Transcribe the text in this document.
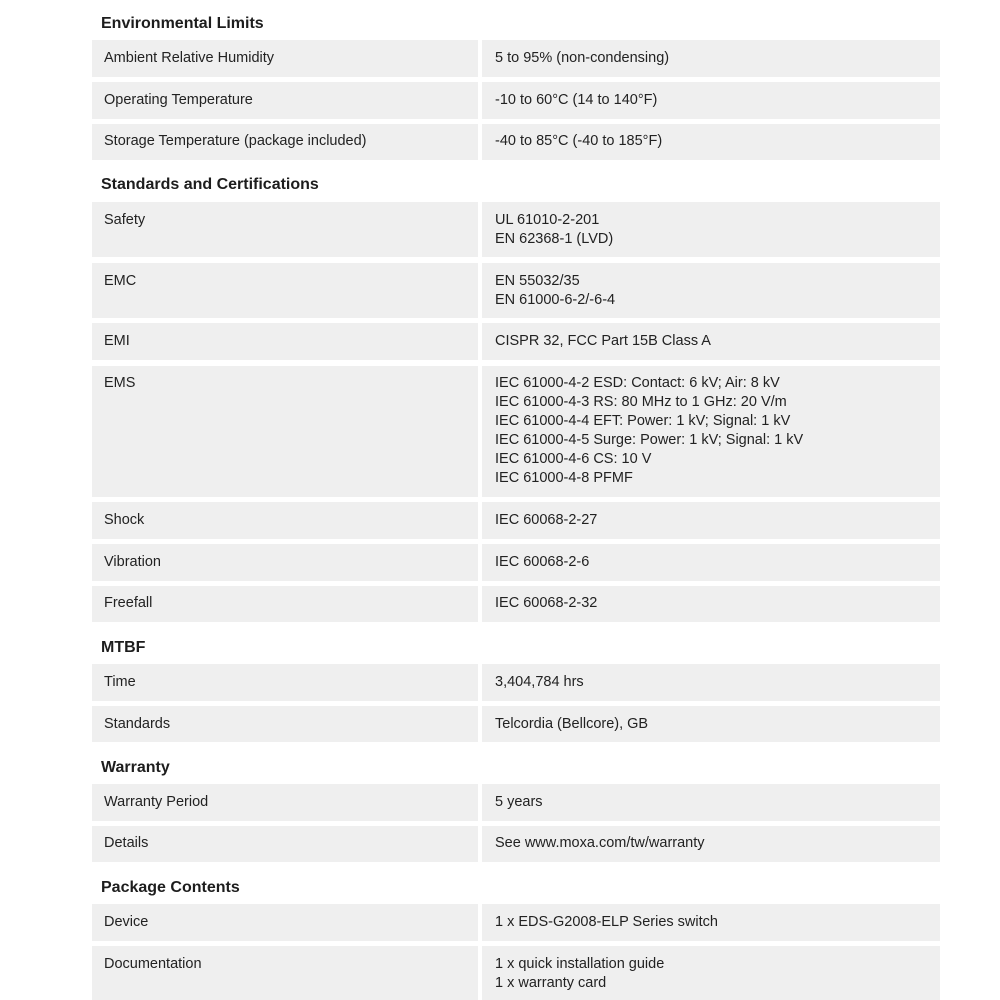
Environmental Limits
Ambient Relative Humidity	5 to 95% (non-condensing)
Operating Temperature	-10 to 60°C (14 to 140°F)
Storage Temperature (package included)	-40 to 85°C (-40 to 185°F)
Standards and Certifications
Safety	UL 61010-2-201
EN 62368-1 (LVD)
EMC	EN 55032/35
EN 61000-6-2/-6-4
EMI	CISPR 32, FCC Part 15B Class A
EMS	IEC 61000-4-2 ESD: Contact: 6 kV; Air: 8 kV
IEC 61000-4-3 RS: 80 MHz to 1 GHz: 20 V/m
IEC 61000-4-4 EFT: Power: 1 kV; Signal: 1 kV
IEC 61000-4-5 Surge: Power: 1 kV; Signal: 1 kV
IEC 61000-4-6 CS: 10 V
IEC 61000-4-8 PFMF
Shock	IEC 60068-2-27
Vibration	IEC 60068-2-6
Freefall	IEC 60068-2-32
MTBF
Time	3,404,784 hrs
Standards	Telcordia (Bellcore), GB
Warranty
Warranty Period	5 years
Details	See www.moxa.com/tw/warranty
Package Contents
Device	1 x EDS-G2008-ELP Series switch
Documentation	1 x quick installation guide
1 x warranty card
